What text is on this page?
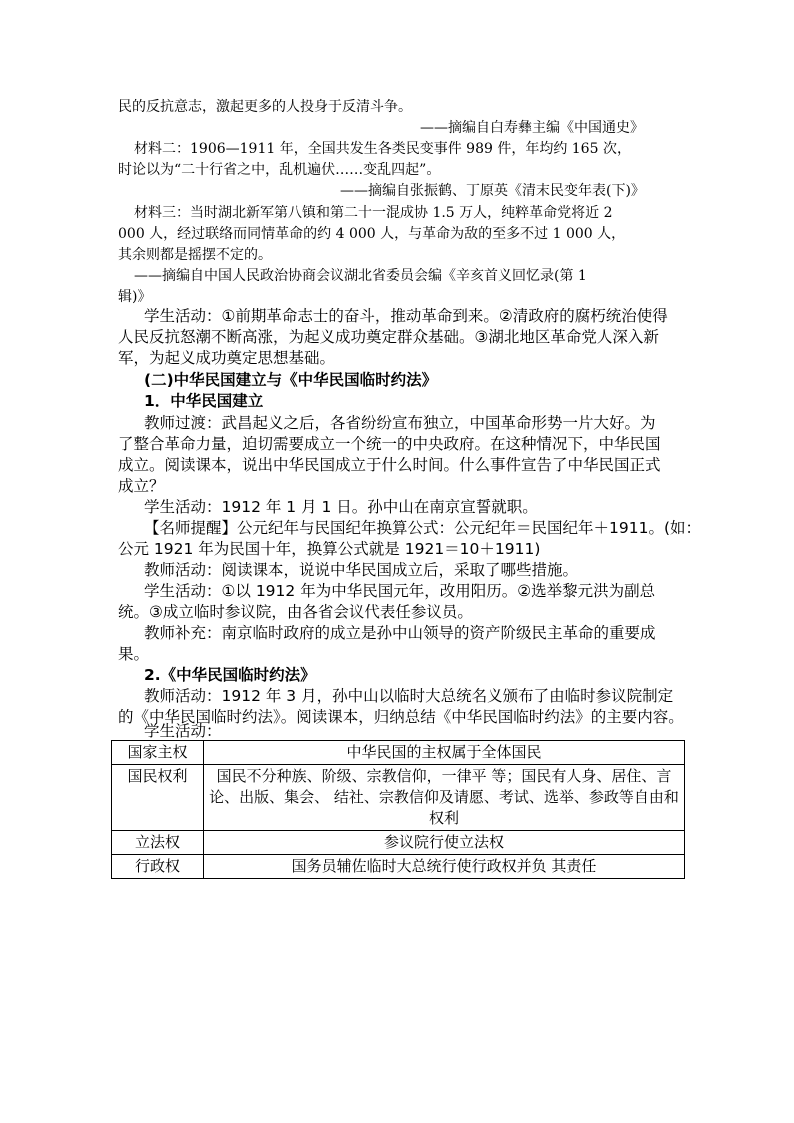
民的反抗意志，激起更多的人投身于反清斗争。
——摘编自白寿彝主编《中国通史》
材料二：1906—1911 年，全国共发生各类民变事件 989 件，年均约 165 次，
时论以为“二十行省之中，乱机遍伏……变乱四起”。
——摘编自张振鹤、丁原英《清末民变年表(下)》
材料三：当时湖北新军第八镇和第二十一混成协 1.5 万人，纯粹革命党将近 2
000 人，经过联络而同情革命的约 4 000 人，与革命为敌的至多不过 1 000 人，
其余则都是摇摆不定的。
——摘编自中国人民政治协商会议湖北省委员会编《辛亥首义回忆录(第 1
辑)》
学生活动：①前期革命志士的奋斗，推动革命到来。②清政府的腐朽统治使得
人民反抗怒潮不断高涨，为起义成功奠定群众基础。③湖北地区革命党人深入新
军，为起义成功奠定思想基础。
(二)中华民国建立与《中华民国临时约法》
1．中华民国建立
教师过渡：武昌起义之后，各省纷纷宣布独立，中国革命形势一片大好。为
了整合革命力量，迫切需要成立一个统一的中央政府。在这种情况下，中华民国
成立。阅读课本，说出中华民国成立于什么时间。什么事件宣告了中华民国正式
成立？
学生活动：1912 年 1 月 1 日。孙中山在南京宣誓就职。
【名师提醒】公元纪年与民国纪年换算公式：公元纪年＝民国纪年＋1911。(如：
公元 1921 年为民国十年，换算公式就是 1921＝10＋1911)
教师活动：阅读课本，说说中华民国成立后，采取了哪些措施。
学生活动：①以 1912 年为中华民国元年，改用阳历。②选举黎元洪为副总
统。③成立临时参议院，由各省会议代表任参议员。
教师补充：南京临时政府的成立是孙中山领导的资产阶级民主革命的重要成
果。
2.《中华民国临时约法》
教师活动：1912 年 3 月，孙中山以临时大总统名义颁布了由临时参议院制定
的《中华民国临时约法》。阅读课本，归纳总结《中华民国临时约法》的主要内容。
学生活动：
国家主权	中华民国的主权属于全体国民
国民权利	国民不分种族、阶级、宗教信仰，一律平 等；国民有人身、居住、言论、出版、集会、 结社、宗教信仰及请愿、考试、选举、参政等自由和权利
立法权	参议院行使立法权
行政权	国务员辅佐临时大总统行使行政权并负 其责任
